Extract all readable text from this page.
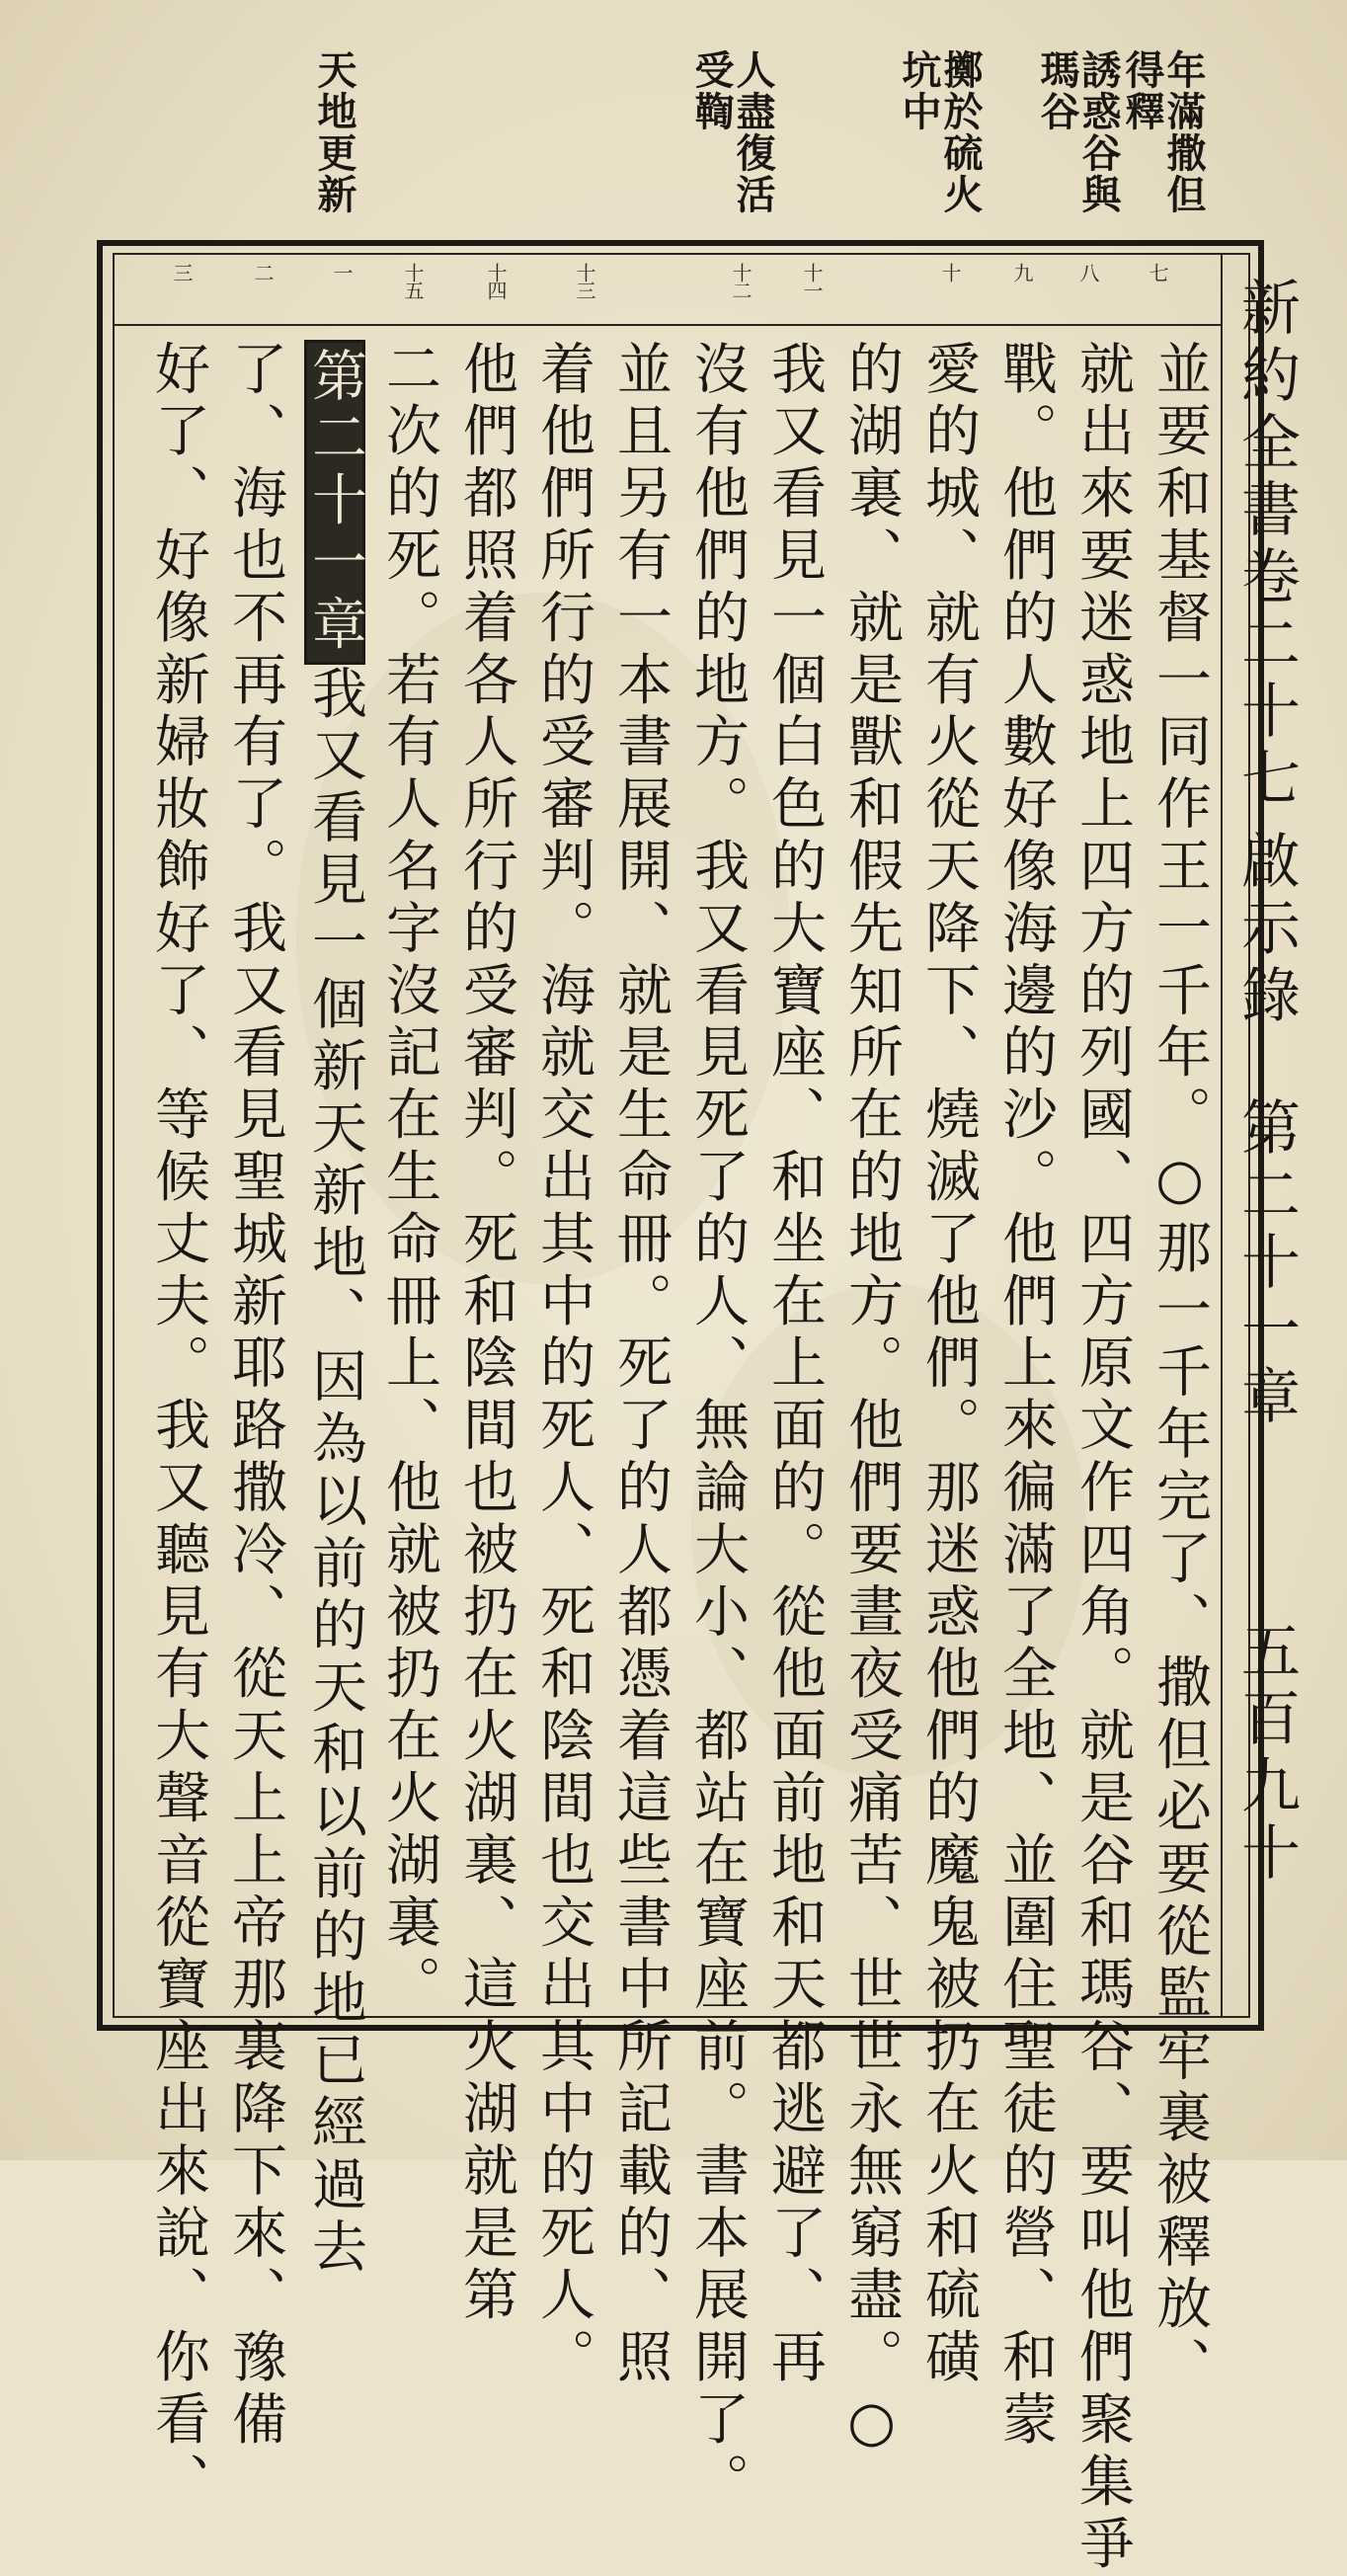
年滿撒但
得釋
誘惑谷與
瑪谷
擲於硫火
坑中
人盡復活
受鞫
天地更新
新約全書卷二十七
啟示錄
第二十一章
五百九十
七
八
九
十
十一
十二
十三
十四
十五
一
二
三
並要和基督一同作王一千年。○那一千年完了、撒但必要從監牢裏被釋放、
就出來要迷惑地上四方的列國、四方原文作四角。就是谷和瑪谷、要叫他們聚集爭
戰。他們的人數好像海邊的沙。他們上來徧滿了全地、並圍住聖徒的營、和蒙
愛的城、就有火從天降下、燒滅了他們。那迷惑他們的魔鬼被扔在火和硫磺
的湖裏、就是獸和假先知所在的地方。他們要晝夜受痛苦、世世永無窮盡。○
我又看見一個白色的大寶座、和坐在上面的。從他面前地和天都逃避了、再
沒有他們的地方。我又看見死了的人、無論大小、都站在寶座前。書本展開了。
並且另有一本書展開、就是生命冊。死了的人都憑着這些書中所記載的、照
着他們所行的受審判。海就交出其中的死人、死和陰間也交出其中的死人。
他們都照着各人所行的受審判。死和陰間也被扔在火湖裏、這火湖就是第
二次的死。若有人名字沒記在生命冊上、他就被扔在火湖裏。
第二十一章我又看見一個新天新地、因為以前的天和以前的地已經過去
了、海也不再有了。我又看見聖城新耶路撒冷、從天上上帝那裏降下來、豫備
好了、好像新婦妝飾好了、等候丈夫。我又聽見有大聲音從寶座出來說、你看、
